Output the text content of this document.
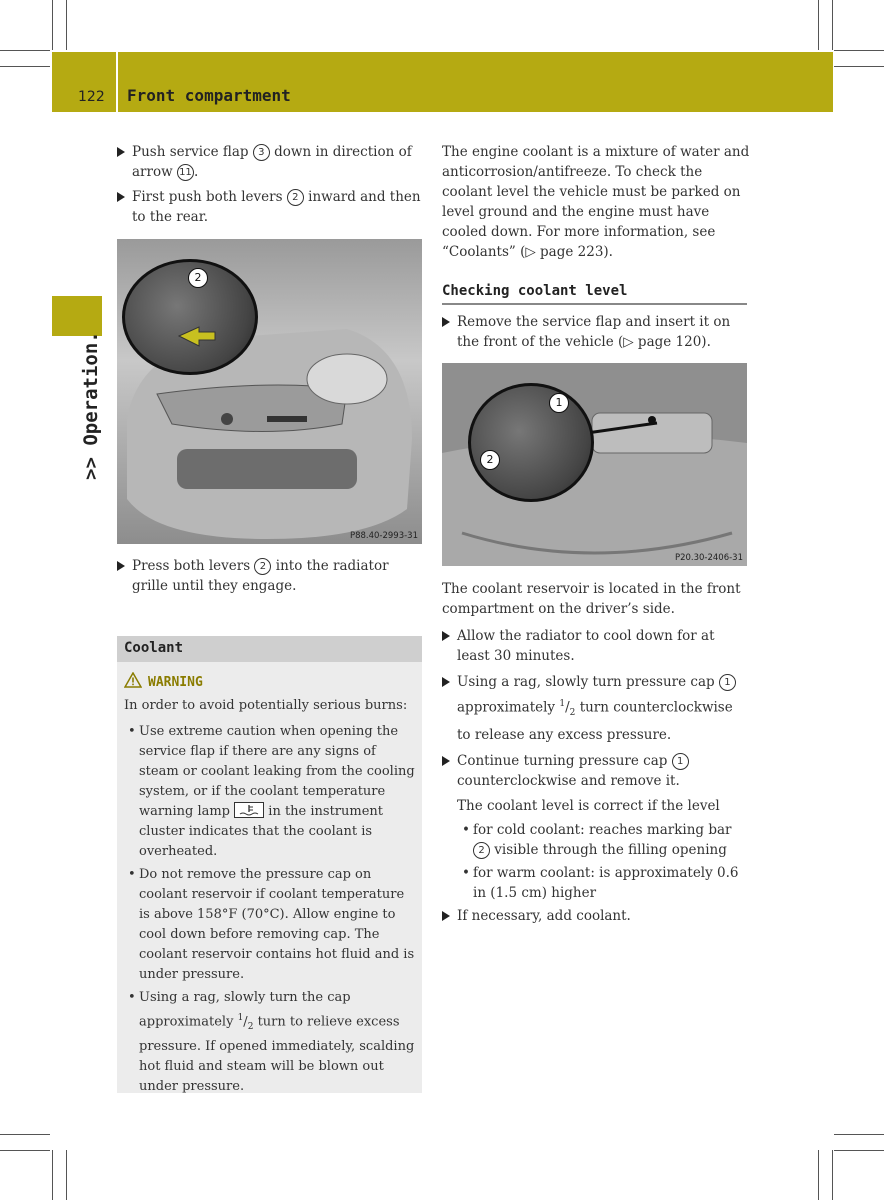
122 Front compartment
>> Operation.
Push service flap 3 down in direction of arrow 11 .
First push both levers 2 inward and then to the rear.
2
P88.40-2993-31
Press both levers 2 into the radiator grille until they engage.
Coolant
WARNING
In order to avoid potentially serious burns:
• Use extreme caution when opening the service flap if there are any signs of steam or coolant leaking from the cooling system, or if the coolant temperature warning lamp	in the instrument cluster indicates that the coolant is overheated.
• Do not remove the pressure cap on coolant reservoir if coolant temperature is above 158°F (70°C). Allow engine to cool down before removing cap. The coolant reservoir contains hot fluid and is under pressure.
• Using a rag, slowly turn the cap approximately $^1/_2$ turn to relieve excess pressure. If opened immediately, scalding hot fluid and steam will be blown out under pressure.
The engine coolant is a mixture of water and anticorrosion/antifreeze. To check the coolant level the vehicle must be parked on level ground and the engine must have cooled down. For more information, see “Coolants” (▷ page 223).
Checking coolant level
Remove the service flap and insert it on the front of the vehicle (▷ page 120).
1
2
P20.30-2406-31
The coolant reservoir is located in the front compartment on the driver’s side.
Allow the radiator to cool down for at least 30 minutes.
Using a rag, slowly turn pressure cap 1 approximately $^1/_2$ turn counterclockwise to release any excess pressure.
Continue turning pressure cap 1 counterclockwise and remove it.
The coolant level is correct if the level
• for cold coolant: reaches marking bar 2 visible through the filling opening
• for warm coolant: is approximately 0.6 in (1.5 cm) higher
If necessary, add coolant.
